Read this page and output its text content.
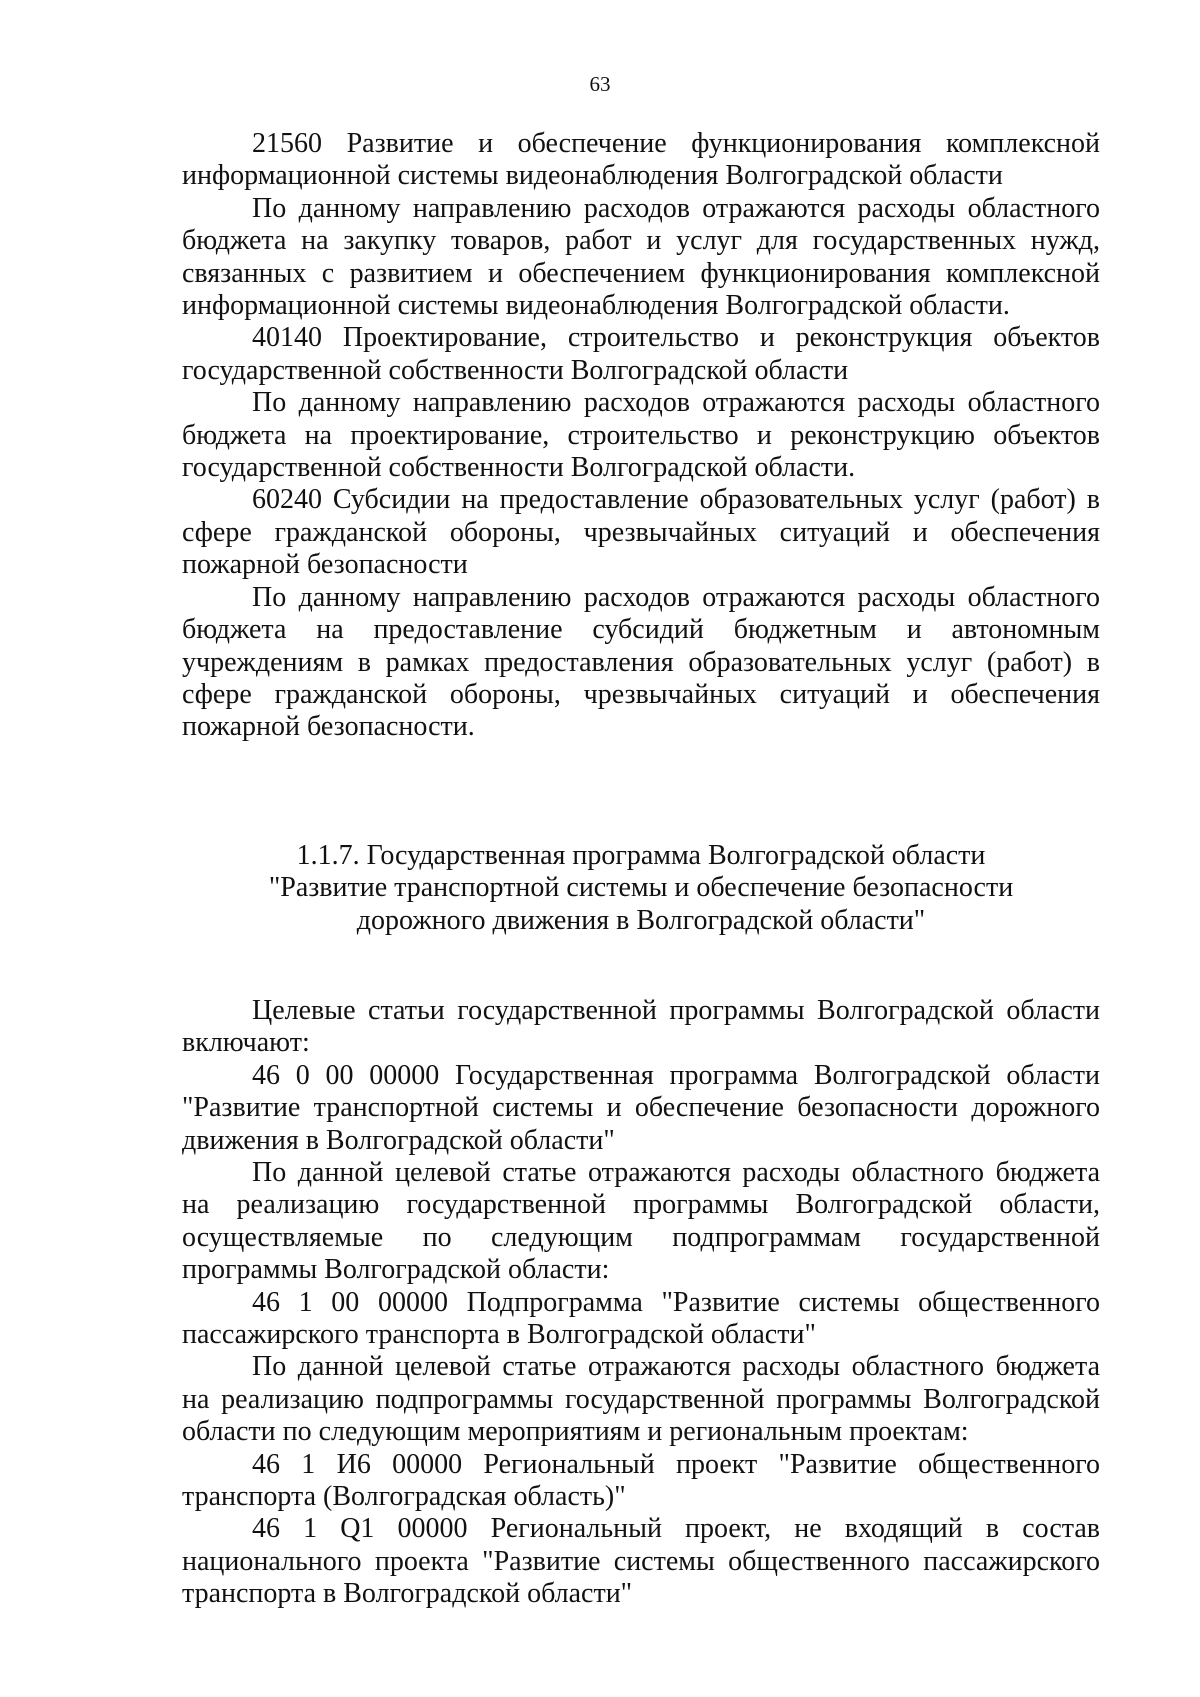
63

21560 Развитие и обеспечение функционирования комплексной информационной системы видеонаблюдения Волгоградской области

По данному направлению расходов отражаются расходы областного бюджета на закупку товаров, работ и услуг для государственных нужд, связанных с развитием и обеспечением функционирования комплексной информационной системы видеонаблюдения Волгоградской области.

40140 Проектирование, строительство и реконструкция объектов государственной собственности Волгоградской области

По данному направлению расходов отражаются расходы областного бюджета на проектирование, строительство и реконструкцию объектов государственной собственности Волгоградской области.

60240 Субсидии на предоставление образовательных услуг (работ) в сфере гражданской обороны, чрезвычайных ситуаций и обеспечения пожарной безопасности

По данному направлению расходов отражаются расходы областного бюджета на предоставление субсидий бюджетным и автономным учреждениям в рамках предоставления образовательных услуг (работ) в сфере гражданской обороны, чрезвычайных ситуаций и обеспечения пожарной безопасности.

1.1.7. Государственная программа Волгоградской области
"Развитие транспортной системы и обеспечение безопасности
дорожного движения в Волгоградской области"

Целевые статьи государственной программы Волгоградской области включают:

46 0 00 00000 Государственная программа Волгоградской области "Развитие транспортной системы и обеспечение безопасности дорожного движения в Волгоградской области"

По данной целевой статье отражаются расходы областного бюджета на реализацию государственной программы Волгоградской области, осуществляемые по следующим подпрограммам государственной программы Волгоградской области:

46 1 00 00000 Подпрограмма "Развитие системы общественного пассажирского транспорта в Волгоградской области"

По данной целевой статье отражаются расходы областного бюджета на реализацию подпрограммы государственной программы Волгоградской области по следующим мероприятиям и региональным проектам:

46 1 И6 00000 Региональный проект "Развитие общественного транспорта (Волгоградская область)"

46 1 Q1 00000 Региональный проект, не входящий в состав национального проекта "Развитие системы общественного пассажирского транспорта в Волгоградской области"
